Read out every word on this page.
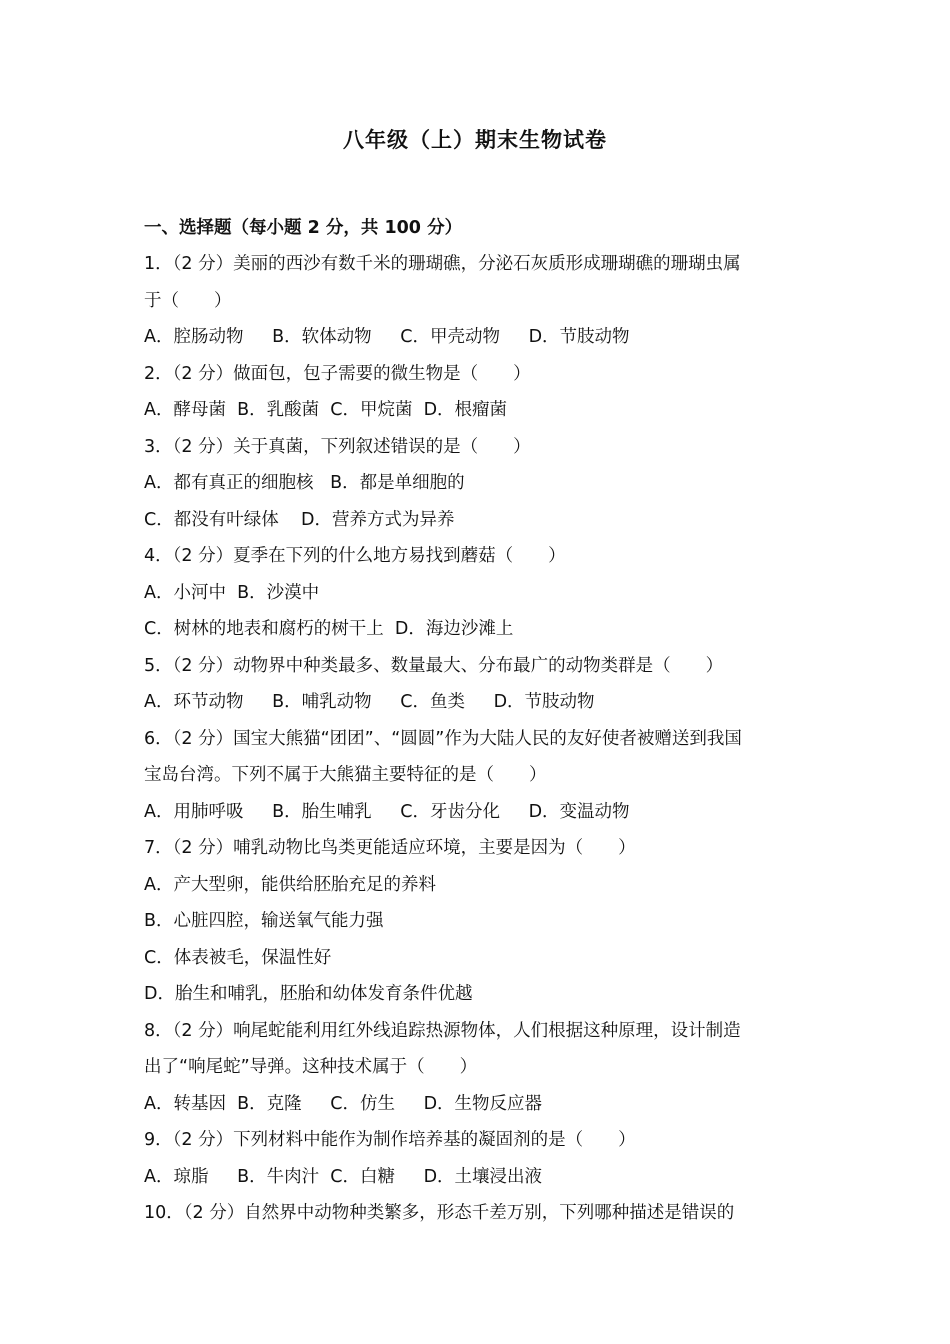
八年级（上）期末生物试卷
一、选择题（每小题 2 分，共 100 分）
1．（2 分）美丽的西沙有数千米的珊瑚礁，分泌石灰质形成珊瑚礁的珊瑚虫属
于（　　）
A．腔肠动物　  B．软体动物　  C．甲壳动物　  D．节肢动物
2．（2 分）做面包，包子需要的微生物是（　　）
A．酵母菌  B．乳酸菌  C．甲烷菌  D．根瘤菌
3．（2 分）关于真菌，下列叙述错误的是（　　）
A．都有真正的细胞核   B．都是单细胞的
C．都没有叶绿体    D．营养方式为异养
4．（2 分）夏季在下列的什么地方易找到蘑菇（　　）
A．小河中  B．沙漠中
C．树林的地表和腐朽的树干上  D．海边沙滩上
5．（2 分）动物界中种类最多、数量最大、分布最广的动物类群是（　　）
A．环节动物　  B．哺乳动物　  C．鱼类　  D．节肢动物
6．（2 分）国宝大熊猫“团团”、“圆圆”作为大陆人民的友好使者被赠送到我国
宝岛台湾。下列不属于大熊猫主要特征的是（　　）
A．用肺呼吸　  B．胎生哺乳　  C．牙齿分化　  D．变温动物
7．（2 分）哺乳动物比鸟类更能适应环境，主要是因为（　　）
A．产大型卵，能供给胚胎充足的养料
B．心脏四腔，输送氧气能力强
C．体表被毛，保温性好
D．胎生和哺乳，胚胎和幼体发育条件优越
8．（2 分）响尾蛇能利用红外线追踪热源物体，人们根据这种原理，设计制造
出了“响尾蛇”导弹。这种技术属于（　　）
A．转基因  B．克隆　  C．仿生　  D．生物反应器
9．（2 分）下列材料中能作为制作培养基的凝固剂的是（　　）
A．琼脂　  B．牛肉汁  C．白糖　  D．土壤浸出液
10．（2 分）自然界中动物种类繁多，形态千差万别，下列哪种描述是错误的
